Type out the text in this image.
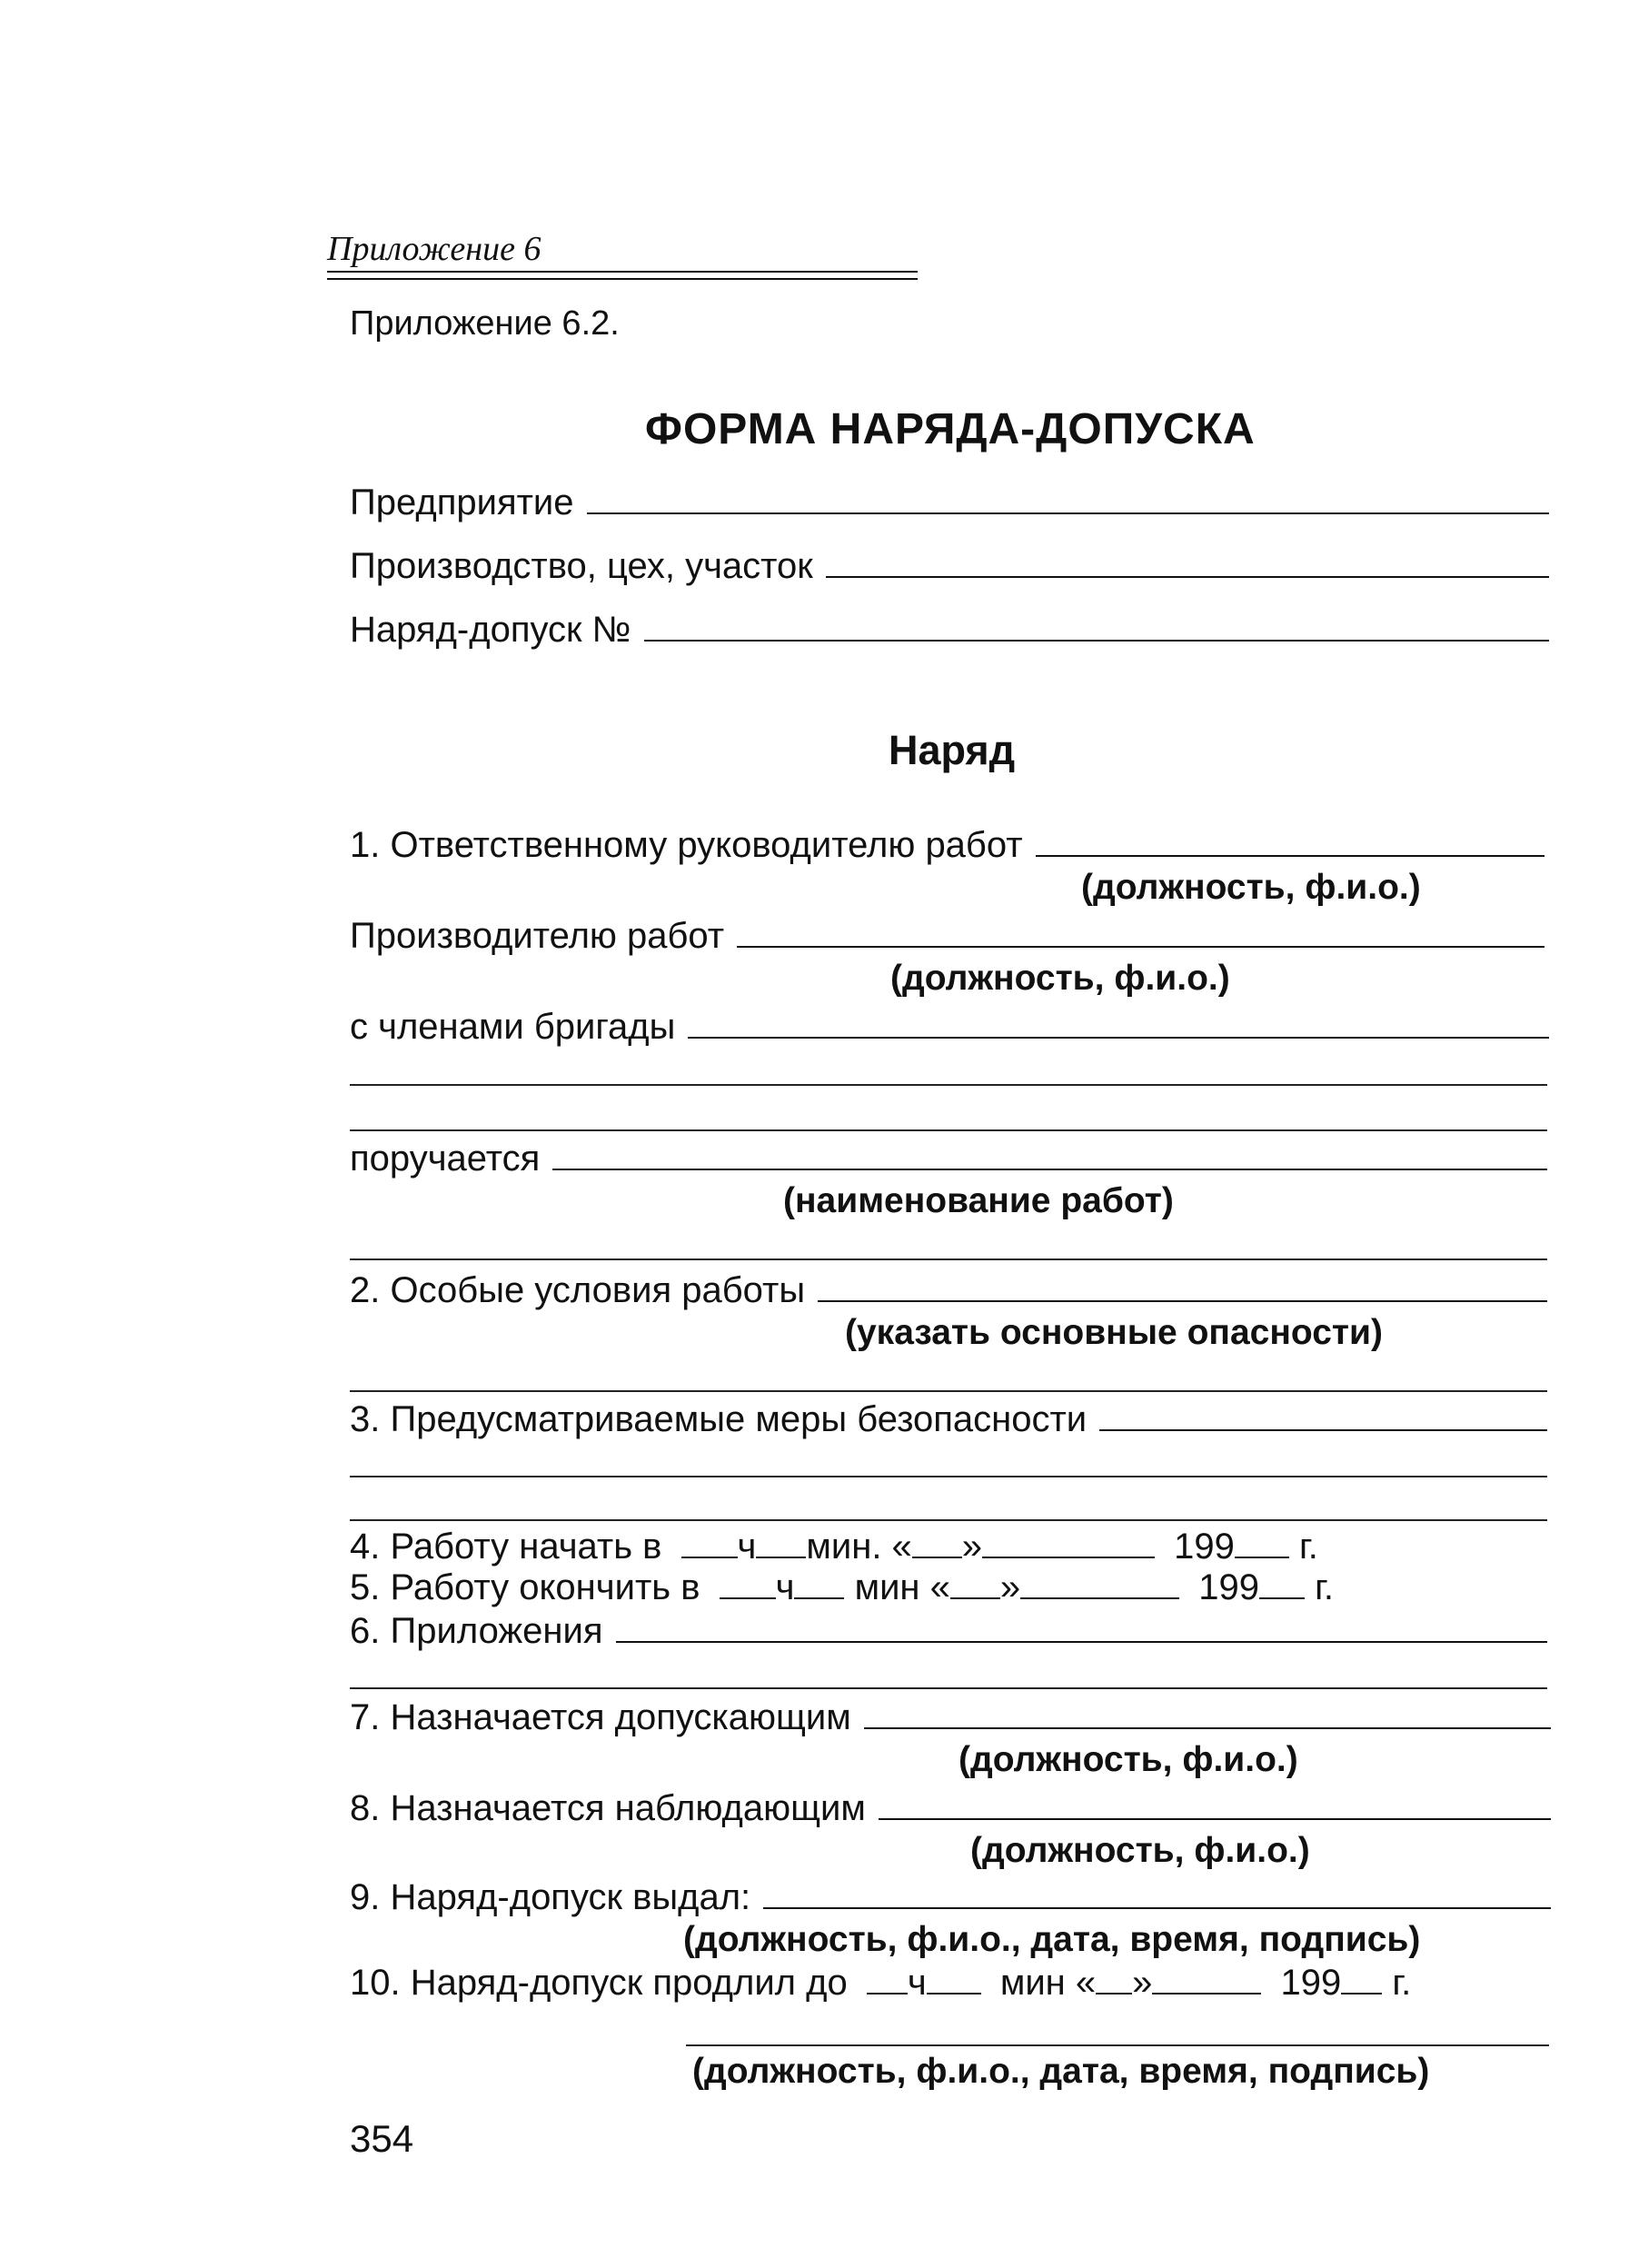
Приложение 6
Приложение 6.2.
ФОРМА НАРЯДА-ДОПУСКА
Предприятие
Производство, цех, участок
Наряд-допуск №
Наряд
1. Ответственному руководителю работ
(должность, ф.и.о.)
Производителю работ
(должность, ф.и.о.)
с членами бригады
поручается
(наименование работ)
2. Особые условия работы
(указать основные опасности)
3. Предусматриваемые меры безопасности
4. Работу начать в ч мин. « »	199 г.
5. Работу окончить в ч мин « »	199 г.
6. Приложения
7. Назначается допускающим
(должность, ф.и.о.)
8. Назначается наблюдающим
(должность, ф.и.о.)
9. Наряд-допуск выдал:
(должность, ф.и.о., дата, время, подпись)
10. Наряд-допуск продлил до ч мин « »	199 г.
(должность, ф.и.о., дата, время, подпись)
354
